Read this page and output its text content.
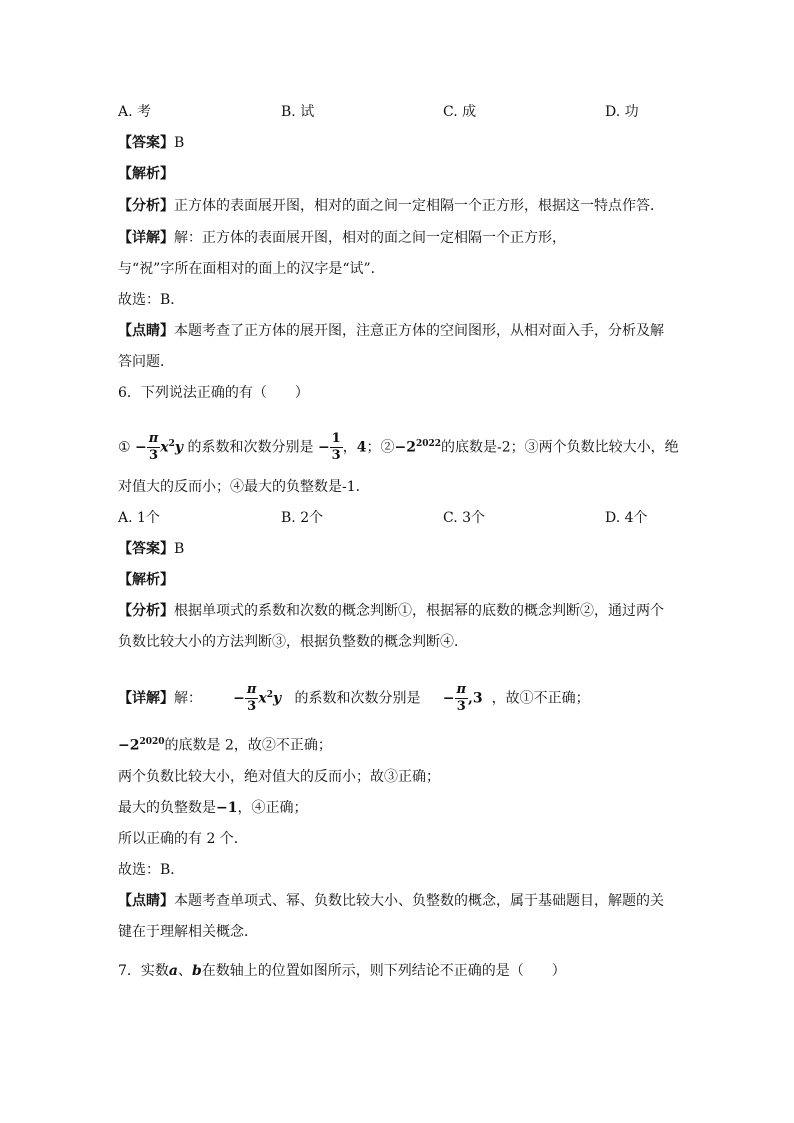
A. 考	B. 试	C. 成	D. 功
【答案】B
【解析】
【分析】正方体的表面展开图，相对的面之间一定相隔一个正方形，根据这一特点作答．
【详解】解：正方体的表面展开图，相对的面之间一定相隔一个正方形，
与“祝”字所在面相对的面上的汉字是“试”．
故选：B．
【点睛】本题考查了正方体的展开图，注意正方体的空间图形，从相对面入手，分析及解
答问题．
6．下列说法正确的有（　　）
① − $\frac{\pi}{3} x^2y$ 的系数和次数分别是 − $\frac{1}{3}$ ，4；$②-2^{2022}$的底数是-2；③两个负数比较大小，绝
对值大的反而小；④最大的负整数是-1．
A. 1个	B. 2个	C. 3个	D. 4个
【答案】B
【解析】
【分析】根据单项式的系数和次数的概念判断①，根据幂的底数的概念判断②，通过两个
负数比较大小的方法判断③，根据负整数的概念判断④．
【详解】解： − $\frac{\pi}{3} x^2y$ 的系数和次数分别是 − $\frac{\pi}{3} ,3$ ，故①不正确；
$-2^{2020}$的底数是 2，故②不正确；
两个负数比较大小，绝对值大的反而小；故③正确；
最大的负整数是−1，④正确；
所以正确的有 2 个．
故选：B．
【点睛】本题考查单项式、幂、负数比较大小、负整数的概念，属于基础题目，解题的关
键在于理解相关概念．
7．实数a、b在数轴上的位置如图所示，则下列结论不正确的是（　　）
